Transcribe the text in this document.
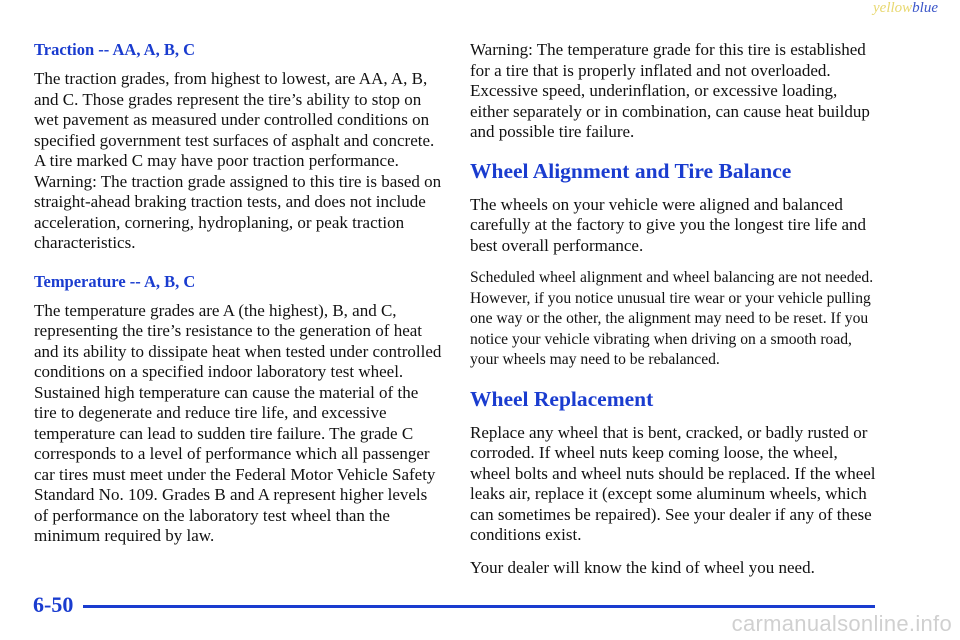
yellowblue
Traction -- AA, A, B, C

The traction grades, from highest to lowest, are AA, A, B, and C. Those grades represent the tire’s ability to stop on wet pavement as measured under controlled conditions on specified government test surfaces of asphalt and concrete. A tire marked C may have poor traction performance. Warning: The traction grade assigned to this tire is based on straight-ahead braking traction tests, and does not include acceleration, cornering, hydroplaning, or peak traction characteristics.

Temperature -- A, B, C

The temperature grades are A (the highest), B, and C, representing the tire’s resistance to the generation of heat and its ability to dissipate heat when tested under controlled conditions on a specified indoor laboratory test wheel. Sustained high temperature can cause the material of the tire to degenerate and reduce tire life, and excessive temperature can lead to sudden tire failure. The grade C corresponds to a level of performance which all passenger car tires must meet under the Federal Motor Vehicle Safety Standard No. 109. Grades B and A represent higher levels of performance on the laboratory test wheel than the minimum required by law.

Warning: The temperature grade for this tire is established for a tire that is properly inflated and not overloaded. Excessive speed, underinflation, or excessive loading, either separately or in combination, can cause heat buildup and possible tire failure.

Wheel Alignment and Tire Balance

The wheels on your vehicle were aligned and balanced carefully at the factory to give you the longest tire life and best overall performance.

Scheduled wheel alignment and wheel balancing are not needed. However, if you notice unusual tire wear or your vehicle pulling one way or the other, the alignment may need to be reset. If you notice your vehicle vibrating when driving on a smooth road, your wheels may need to be rebalanced.

Wheel Replacement

Replace any wheel that is bent, cracked, or badly rusted or corroded. If wheel nuts keep coming loose, the wheel, wheel bolts and wheel nuts should be replaced. If the wheel leaks air, replace it (except some aluminum wheels, which can sometimes be repaired). See your dealer if any of these conditions exist.

Your dealer will know the kind of wheel you need.

6-50
carmanualsonline.info
